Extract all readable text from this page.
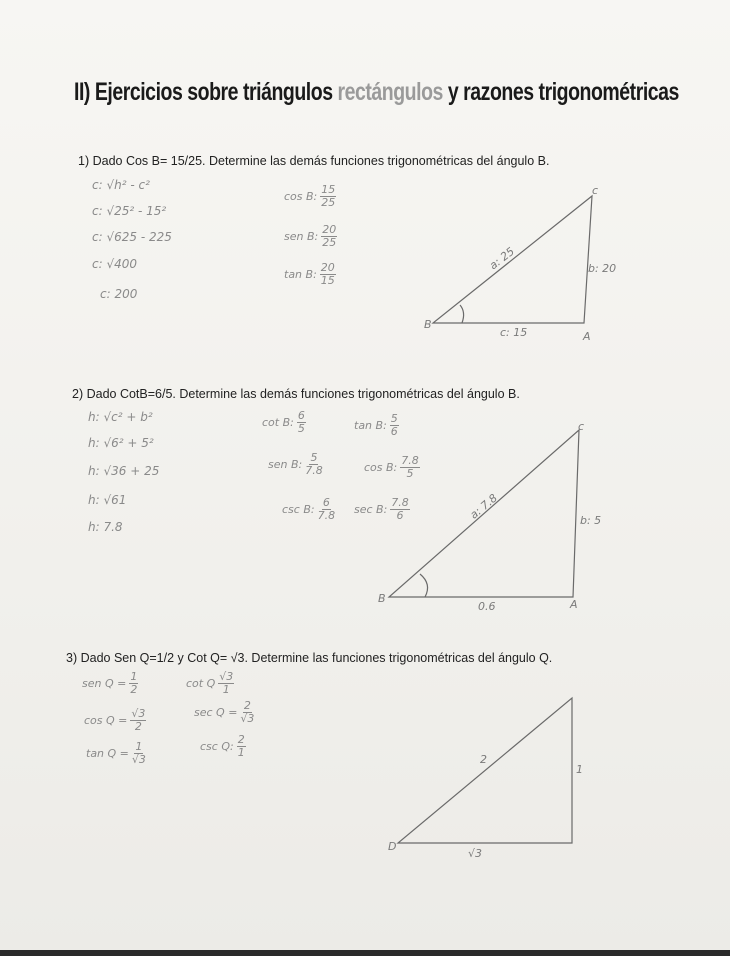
II) Ejercicios sobre triángulos rectángulos y razones trigonométricas
1) Dado Cos B= 15/25. Determine las demás funciones trigonométricas del ángulo B.
c: √h² - c²
c: √25² - 15²
c: √625 - 225
c: √400
c: 200
cos B: $\frac{15}{25}$
sen B: $\frac{20}{25}$
tan B: $\frac{20}{15}$
2) Dado CotB=6/5. Determine las demás funciones trigonométricas del ángulo B.
h: √c² + b²
h: √6² + 5²
h: √36 + 25
h: √61
h: 7.8
cot B: $\frac{6}{5}$	tan B: $\frac{5}{6}$
sen B: $\frac{5}{7.8}$	cos B: $\frac{7.8}{5}$
csc B: $\frac{6}{7.8}$ sec B: $\frac{7.8}{6}$
3) Dado Sen Q=1/2 y Cot Q= √3. Determine las funciones trigonométricas del ángulo Q.
sen $Q = \frac{1}{2}$	cot Q $\frac{√3}{1}$
$\cos Q = \frac{√3}{2}$	$\sec Q = \frac{2}{√3}$
$\tan Q = \frac{1}{√3}$	csc Q: $\frac{2}{1}$
a: 25	b: 20
c: 15
B
A
c
a: 7.8	b: 5
0.6
B	A
c
2
1
√3
D
